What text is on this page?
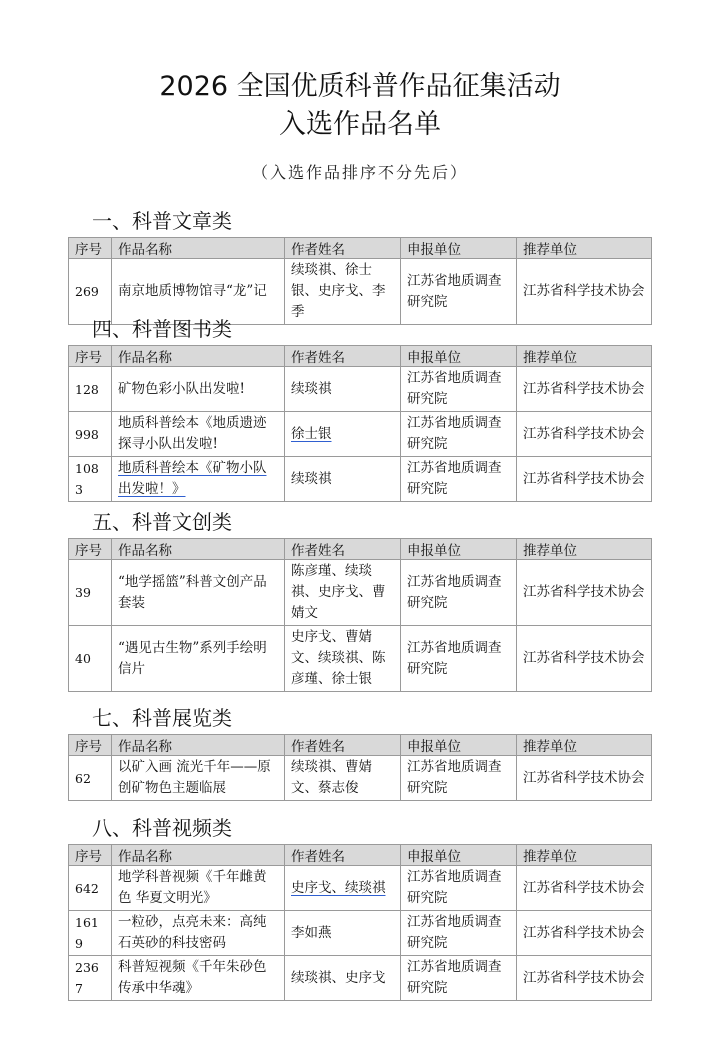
2026 全国优质科普作品征集活动
入选作品名单
（入选作品排序不分先后）
一、科普文章类
序号	作品名称	作者姓名	申报单位	推荐单位
269	南京地质博物馆寻“龙”记	续琰祺、徐士银、史序戈、李季	江苏省地质调查研究院	江苏省科学技术协会
四、科普图书类
序号	作品名称	作者姓名	申报单位	推荐单位
128	矿物色彩小队出发啦!	续琰祺	江苏省地质调查研究院	江苏省科学技术协会
998	地质科普绘本《地质遗迹探寻小队出发啦!	徐士银	江苏省地质调查研究院	江苏省科学技术协会
1083	地质科普绘本《矿物小队出发啦！》	续琰祺	江苏省地质调查研究院	江苏省科学技术协会
五、科普文创类
序号	作品名称	作者姓名	申报单位	推荐单位
39	“地学摇篮”科普文创产品套装	陈彦瑾、续琰祺、史序戈、曹婧文	江苏省地质调查研究院	江苏省科学技术协会
40	“遇见古生物”系列手绘明信片	史序戈、曹婧文、续琰祺、陈彦瑾、徐士银	江苏省地质调查研究院	江苏省科学技术协会
七、科普展览类
序号	作品名称	作者姓名	申报单位	推荐单位
62	以矿入画 流光千年——原创矿物色主题临展	续琰祺、曹婧文、蔡志俊	江苏省地质调查研究院	江苏省科学技术协会
八、科普视频类
序号	作品名称	作者姓名	申报单位	推荐单位
642	地学科普视频《千年雌黄色 华夏文明光》	史序戈、续琰祺	江苏省地质调查研究院	江苏省科学技术协会
1619	一粒砂，点亮未来：高纯石英砂的科技密码	李如燕	江苏省地质调查研究院	江苏省科学技术协会
2367	科普短视频《千年朱砂色 传承中华魂》	续琰祺、史序戈	江苏省地质调查研究院	江苏省科学技术协会
